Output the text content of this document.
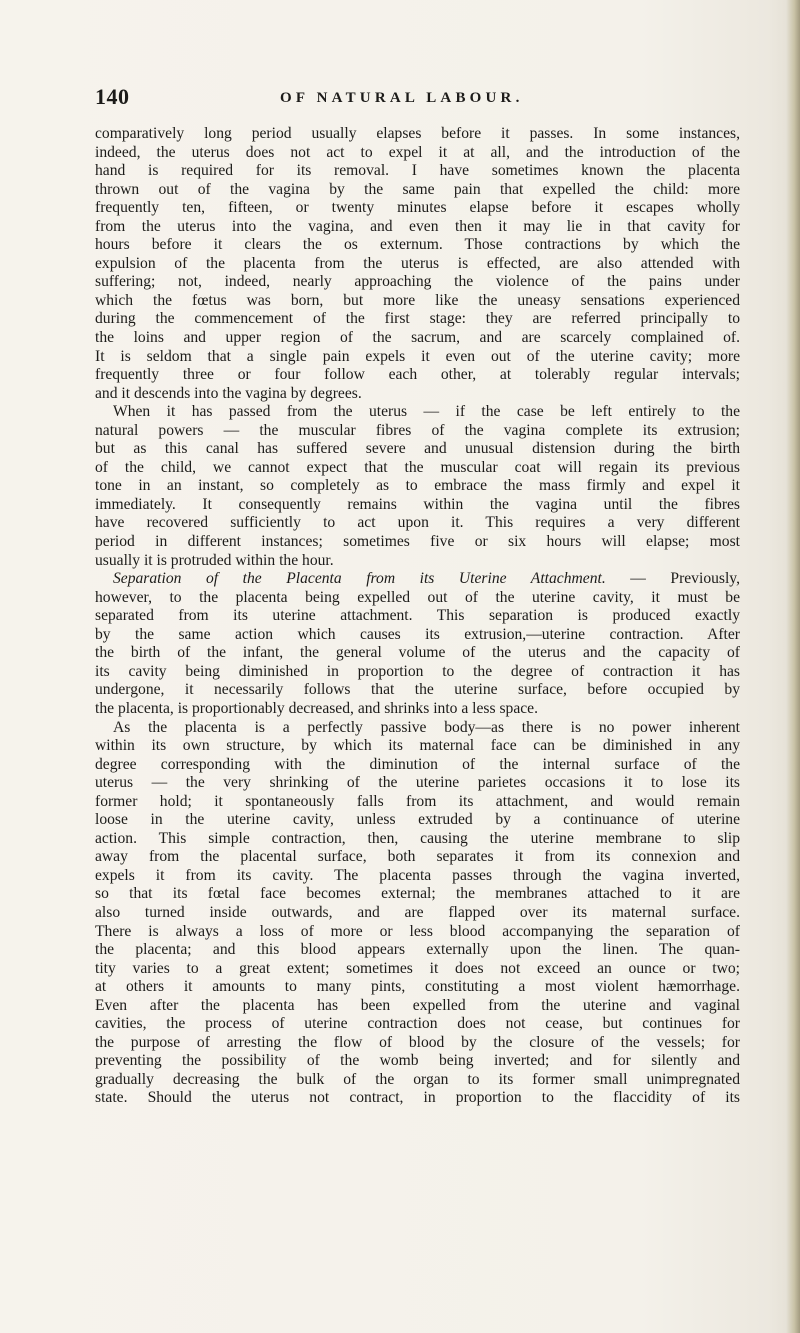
140	OF NATURAL LABOUR.
comparatively long period usually elapses before it passes. In some instances,
indeed, the uterus does not act to expel it at all, and the introduction of the
hand is required for its removal. I have sometimes known the placenta
thrown out of the vagina by the same pain that expelled the child: more
frequently ten, fifteen, or twenty minutes elapse before it escapes wholly
from the uterus into the vagina, and even then it may lie in that cavity for
hours before it clears the os externum. Those contractions by which the
expulsion of the placenta from the uterus is effected, are also attended with
suffering; not, indeed, nearly approaching the violence of the pains under
which the fœtus was born, but more like the uneasy sensations experienced
during the commencement of the first stage: they are referred principally to
the loins and upper region of the sacrum, and are scarcely complained of.
It is seldom that a single pain expels it even out of the uterine cavity; more
frequently three or four follow each other, at tolerably regular intervals;
and it descends into the vagina by degrees.
When it has passed from the uterus — if the case be left entirely to the
natural powers — the muscular fibres of the vagina complete its extrusion;
but as this canal has suffered severe and unusual distension during the birth
of the child, we cannot expect that the muscular coat will regain its previous
tone in an instant, so completely as to embrace the mass firmly and expel it
immediately. It consequently remains within the vagina until the fibres
have recovered sufficiently to act upon it. This requires a very different
period in different instances; sometimes five or six hours will elapse; most
usually it is protruded within the hour.
Separation of the Placenta from its Uterine Attachment. — Previously,
however, to the placenta being expelled out of the uterine cavity, it must be
separated from its uterine attachment. This separation is produced exactly
by the same action which causes its extrusion,—uterine contraction. After
the birth of the infant, the general volume of the uterus and the capacity of
its cavity being diminished in proportion to the degree of contraction it has
undergone, it necessarily follows that the uterine surface, before occupied by
the placenta, is proportionably decreased, and shrinks into a less space.
As the placenta is a perfectly passive body—as there is no power inherent
within its own structure, by which its maternal face can be diminished in any
degree corresponding with the diminution of the internal surface of the
uterus — the very shrinking of the uterine parietes occasions it to lose its
former hold; it spontaneously falls from its attachment, and would remain
loose in the uterine cavity, unless extruded by a continuance of uterine
action. This simple contraction, then, causing the uterine membrane to slip
away from the placental surface, both separates it from its connexion and
expels it from its cavity. The placenta passes through the vagina inverted,
so that its fœtal face becomes external; the membranes attached to it are
also turned inside outwards, and are flapped over its maternal surface.
There is always a loss of more or less blood accompanying the separation of
the placenta; and this blood appears externally upon the linen. The quan-
tity varies to a great extent; sometimes it does not exceed an ounce or two;
at others it amounts to many pints, constituting a most violent hæmorrhage.
Even after the placenta has been expelled from the uterine and vaginal
cavities, the process of uterine contraction does not cease, but continues for
the purpose of arresting the flow of blood by the closure of the vessels; for
preventing the possibility of the womb being inverted; and for silently and
gradually decreasing the bulk of the organ to its former small unimpregnated
state. Should the uterus not contract, in proportion to the flaccidity of its
